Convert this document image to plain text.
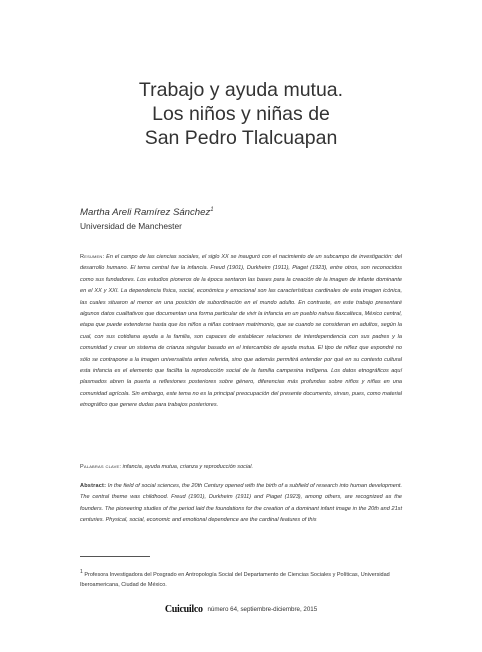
Trabajo y ayuda mutua.
Los niños y niñas de
San Pedro Tlalcuapan
Martha Areli Ramírez Sánchez$^1$
Universidad de Manchester

Resumen: En el campo de las ciencias sociales, el siglo XX se inauguró con el nacimiento de un subcampo de investigación: del desarrollo humano. El tema central fue la infancia. Freud (1901), Durkheim (1911), Piaget (1923), entre otros, son reconocidos como sus fundadores. Los estudios pioneros de la época sentaron las bases para la creación de la imagen de infante dominante en el XX y XXI. La dependencia física, social, económica y emocional son las características cardinales de esta imagen icónica, las cuales situaron al menor en una posición de subordinación en el mundo adulto. En contraste, en este trabajo presentaré algunos datos cualitativos que documentan una forma particular de vivir la infancia en un pueblo nahua tlaxcalteca, México central, etapa que puede extenderse hasta que los niños a niñas contraen matrimonio, que se cuando se consideran en adultos, según la cual, con sus cotidiana ayuda a la familia, son capaces de establecer relaciones de interdependencia con sus padres y la comunidad y crear un sistema de crianza singular basado en el intercambio de ayuda mutua. El tipo de niñez que expondré no sólo se contrapone a la imagen universalista antes referida, sino que además permitirá entender por qué en su contexto cultural esta infancia es el elemento que facilita la reproducción social de la familia campesina indígena. Los datos etnográficos aquí plasmados abren la puerta a reflexiones posteriores sobre género, diferencias más profundas sobre niños y niñas en una comunidad agrícola. Sin embargo, este tema no es la principal preocupación del presente documento, sirvan, pues, como material etnográfico que genere dudas para trabajos posteriores.

Palabras clave: infancia, ayuda mutua, crianza y reproducción social.

Abstract: In the field of social sciences, the 20th Century opened with the birth of a subfield of research into human development. The central theme was childhood. Freud (1901), Durkheim (1911) and Piaget (1923), among others, are recognized as the founders. The pioneering studies of the period laid the foundations for the creation of a dominant infant image in the 20th and 21st centuries. Physical, social, economic and emotional dependence are the cardinal features of this

$^1$ Profesora Investigadora del Posgrado en Antropología Social del Departamento de Ciencias Sociales y Políticas, Universidad Iberoamericana, Ciudad de México.

Cuicuilco número 64, septiembre-diciembre, 2015
